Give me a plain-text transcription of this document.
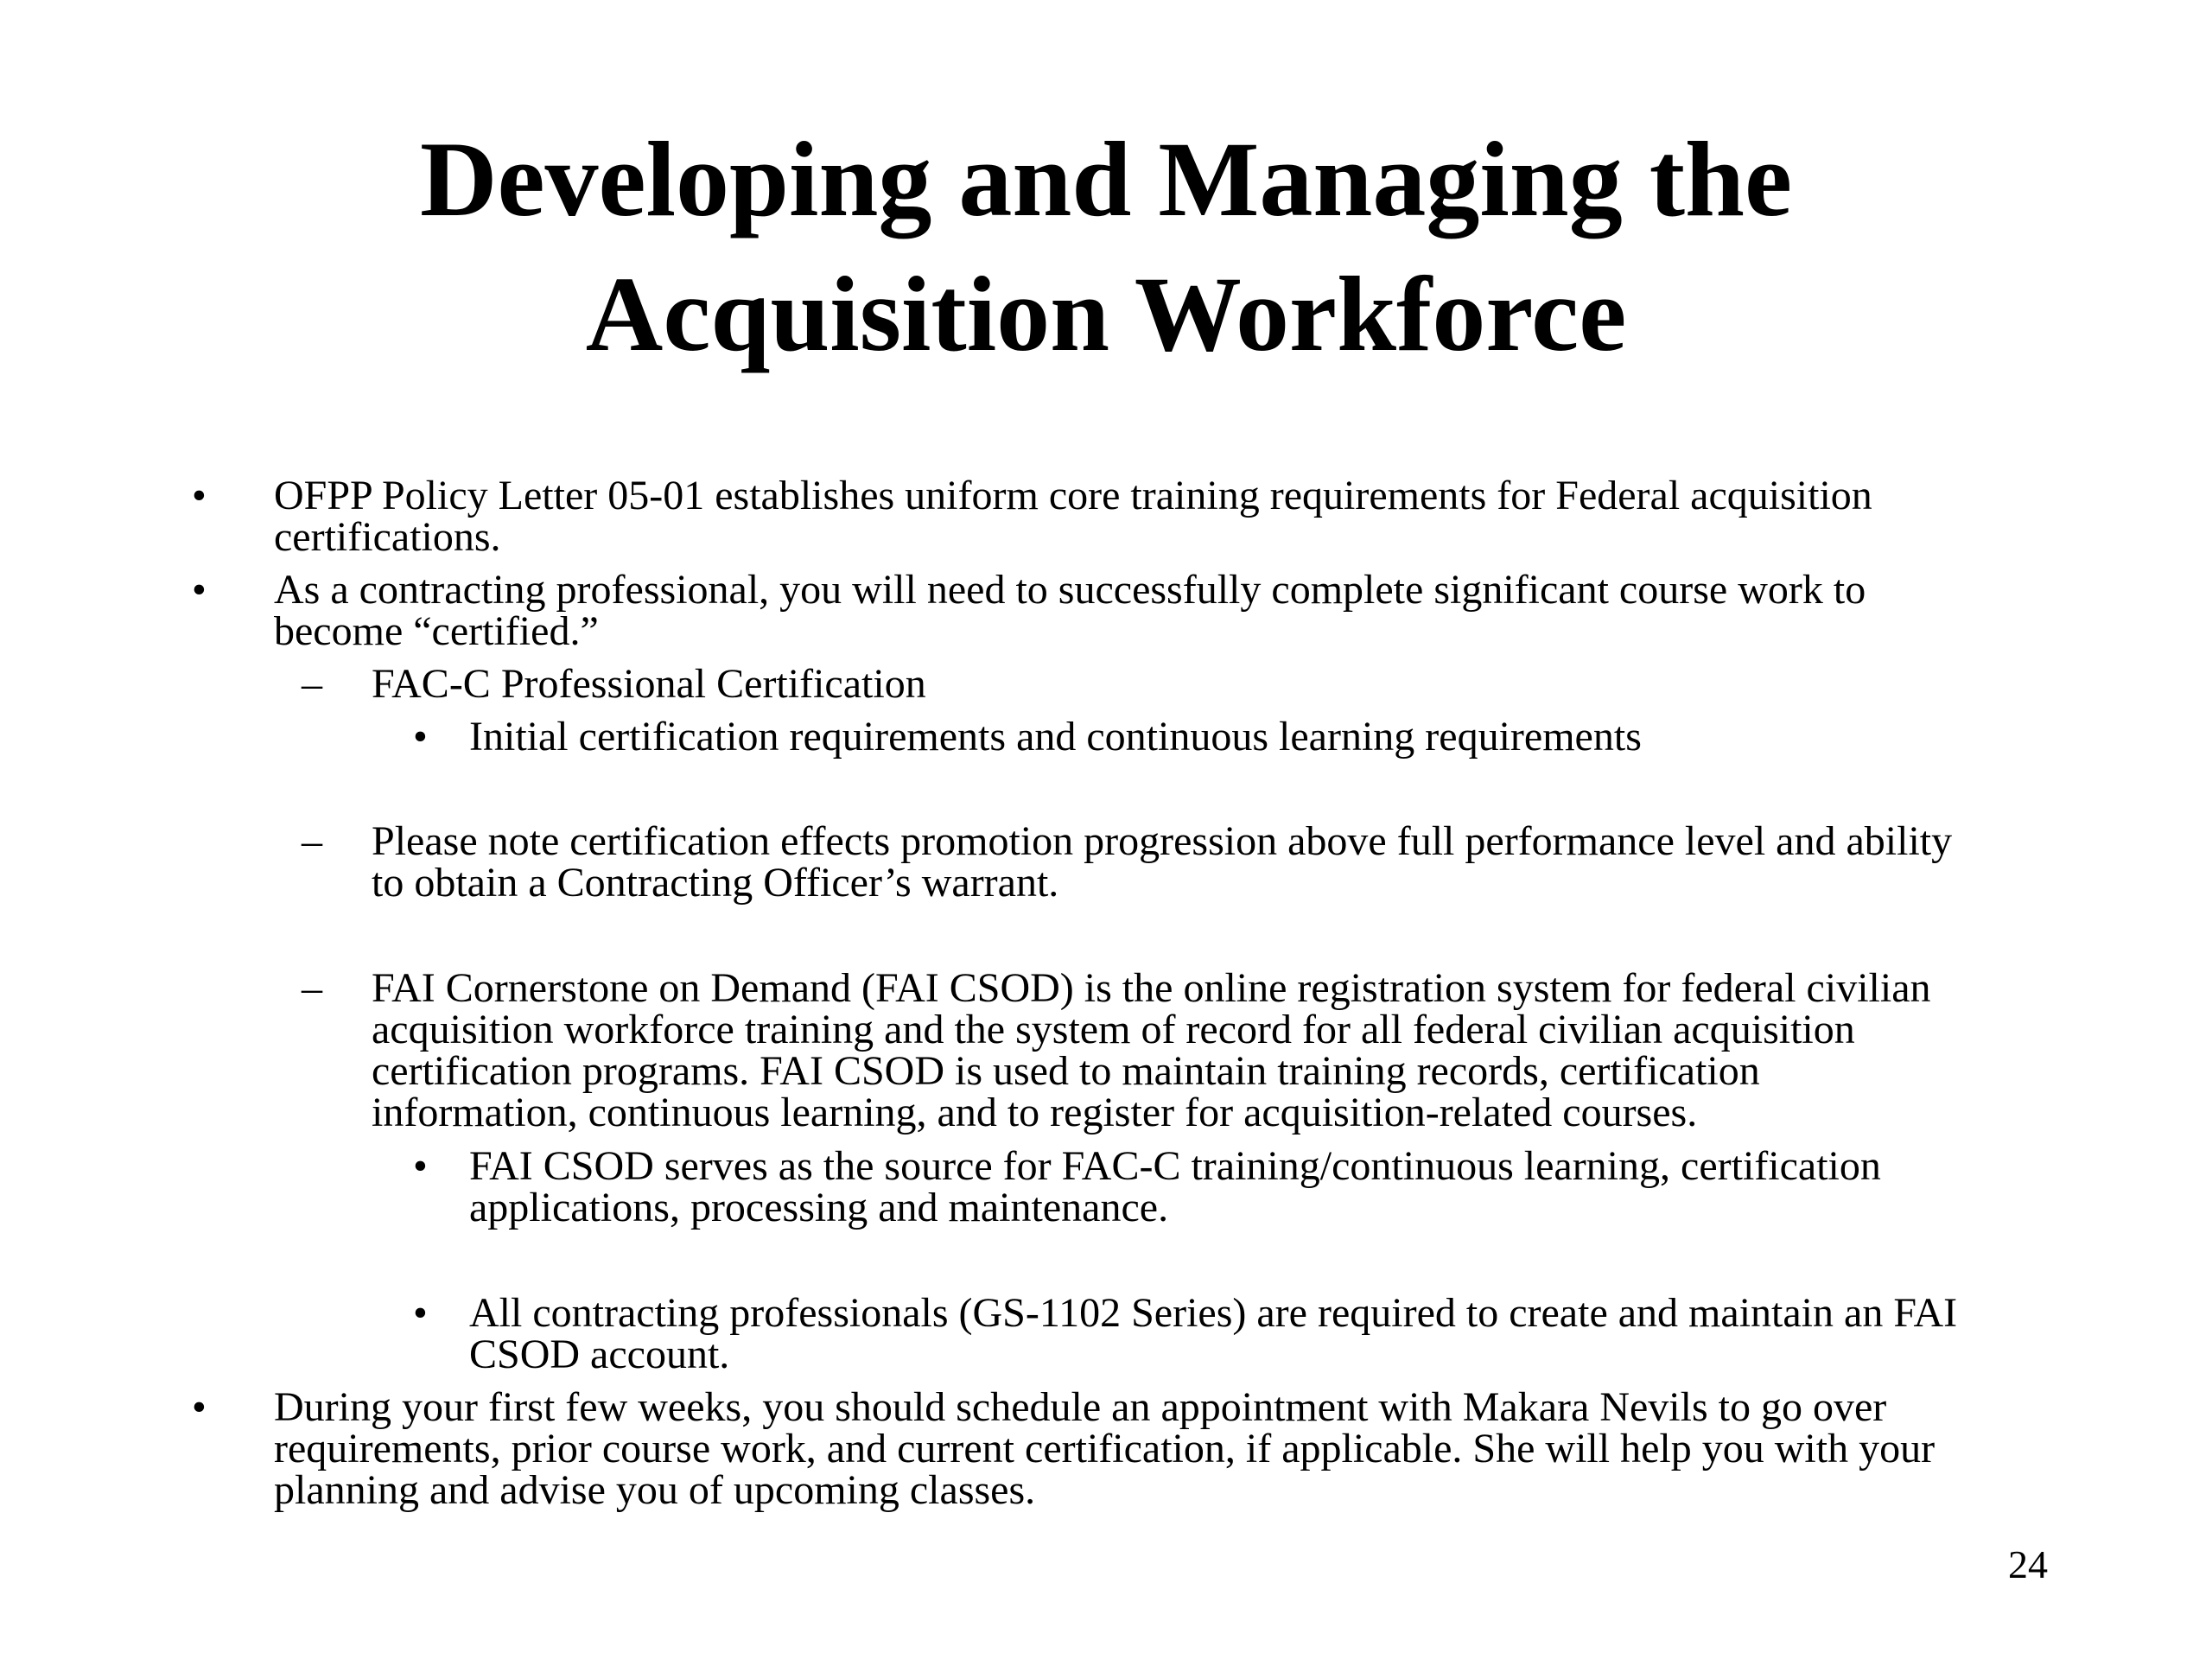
Developing and Managing the
Acquisition Workforce
• OFPP Policy Letter 05-01 establishes uniform core training requirements for Federal acquisition
certifications.
• As a contracting professional, you will need to successfully complete significant course work to
become “certified.”
– FAC-C Professional Certification
• Initial certification requirements and continuous learning requirements
– Please note certification effects promotion progression above full performance level and ability
to obtain a Contracting Officer’s warrant.
– FAI Cornerstone on Demand (FAI CSOD) is the online registration system for federal civilian
acquisition workforce training and the system of record for all federal civilian acquisition
certification programs. FAI CSOD is used to maintain training records, certification
information, continuous learning, and to register for acquisition-related courses.
• FAI CSOD serves as the source for FAC-C training/continuous learning, certification
applications, processing and maintenance.
• All contracting professionals (GS-1102 Series) are required to create and maintain an FAI
CSOD account.
• During your first few weeks, you should schedule an appointment with Makara Nevils to go over
requirements, prior course work, and current certification, if applicable. She will help you with your
planning and advise you of upcoming classes.
24
